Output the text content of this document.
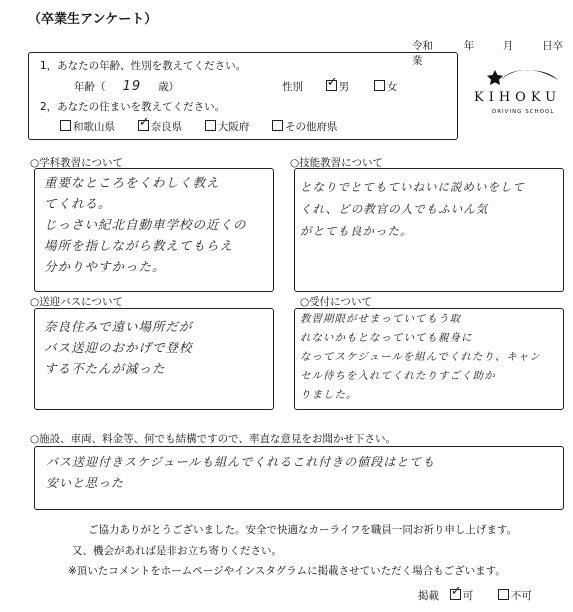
（卒業生アンケート）
令和	年	月	日卒業
1，あなたの年齢、性別を教えてください。
年齢（ 19 歳）	性別 ✓	男	女
2，あなたの住まいを教えてください。
和歌山県 ✓	奈良県	大阪府	その他府県
KIHOKU
DRIVING SCHOOL
○学科教習について
重要なところをくわしく教え
てくれる。
じっさい紀北自動車学校の近くの
場所を指しながら教えてもらえ
分かりやすかった。
○技能教習について
となりでとてもていねいに説めいをして
くれ、どの教官の人でもふいん気
がとても良かった。
○送迎バスについて
奈良住みで遠い場所だが
バス送迎のおかげで登校
する不たんが減った
○受付について
教習期限がせまっていてもう取
れないかもとなっていても親身に
なってスケジュールを組んでくれたり、キャン
セル待ちを入れてくれたりすごく助か
りました。
○施設、車両、料金等、何でも結構ですので、率直な意見をお聞かせ下さい。
バス送迎付きスケジュールも組んでくれるこれ付きの値段はとても
安いと思った
ご協力ありがとうございました。安全で快適なカーライフを職員一同お祈り申し上げます。
又、機会があれば是非お立ち寄りください。
※頂いたコメントをホームページやインスタグラムに掲載させていただく場合もございます。
掲載 ✓ 可	不可
